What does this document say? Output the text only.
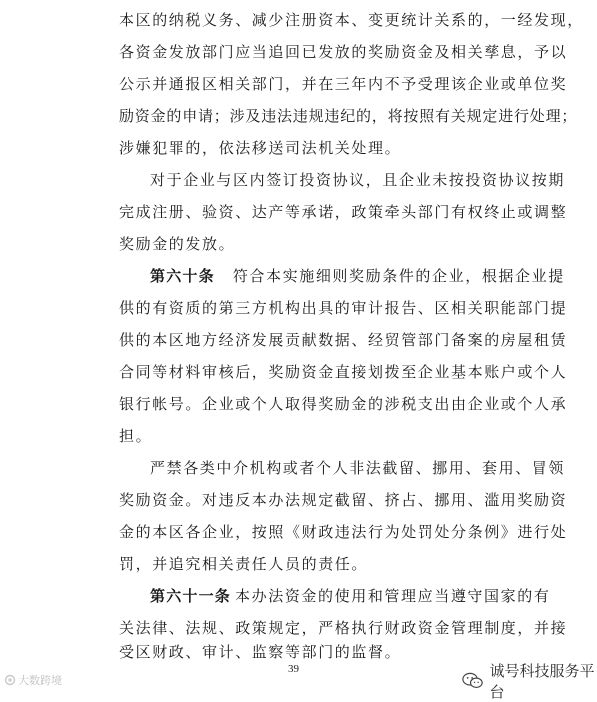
本区的纳税义务、减少注册资本、变更统计关系的，一经发现，
各资金发放部门应当追回已发放的奖励资金及相关孳息，予以
公示并通报区相关部门，并在三年内不予受理该企业或单位奖
励资金的申请；涉及违法违规违纪的，将按照有关规定进行处理；
涉嫌犯罪的，依法移送司法机关处理。
对于企业与区内签订投资协议，且企业未按投资协议按期
完成注册、验资、达产等承诺，政策牵头部门有权终止或调整
奖励金的发放。
第六十条 符合本实施细则奖励条件的企业，根据企业提
供的有资质的第三方机构出具的审计报告、区相关职能部门提
供的本区地方经济发展贡献数据、经贸管部门备案的房屋租赁
合同等材料审核后，奖励资金直接划拨至企业基本账户或个人
银行帐号。企业或个人取得奖励金的涉税支出由企业或个人承
担。
严禁各类中介机构或者个人非法截留、挪用、套用、冒领
奖励资金。对违反本办法规定截留、挤占、挪用、滥用奖励资
金的本区各企业，按照《财政违法行为处罚处分条例》进行处
罚，并追究相关责任人员的责任。
第六十一条 本办法资金的使用和管理应当遵守国家的有
关法律、法规、政策规定，严格执行财政资金管理制度，并接
39
大数跨境
诚号科技服务平台
受区财政、审计、监察等部门的监督。
